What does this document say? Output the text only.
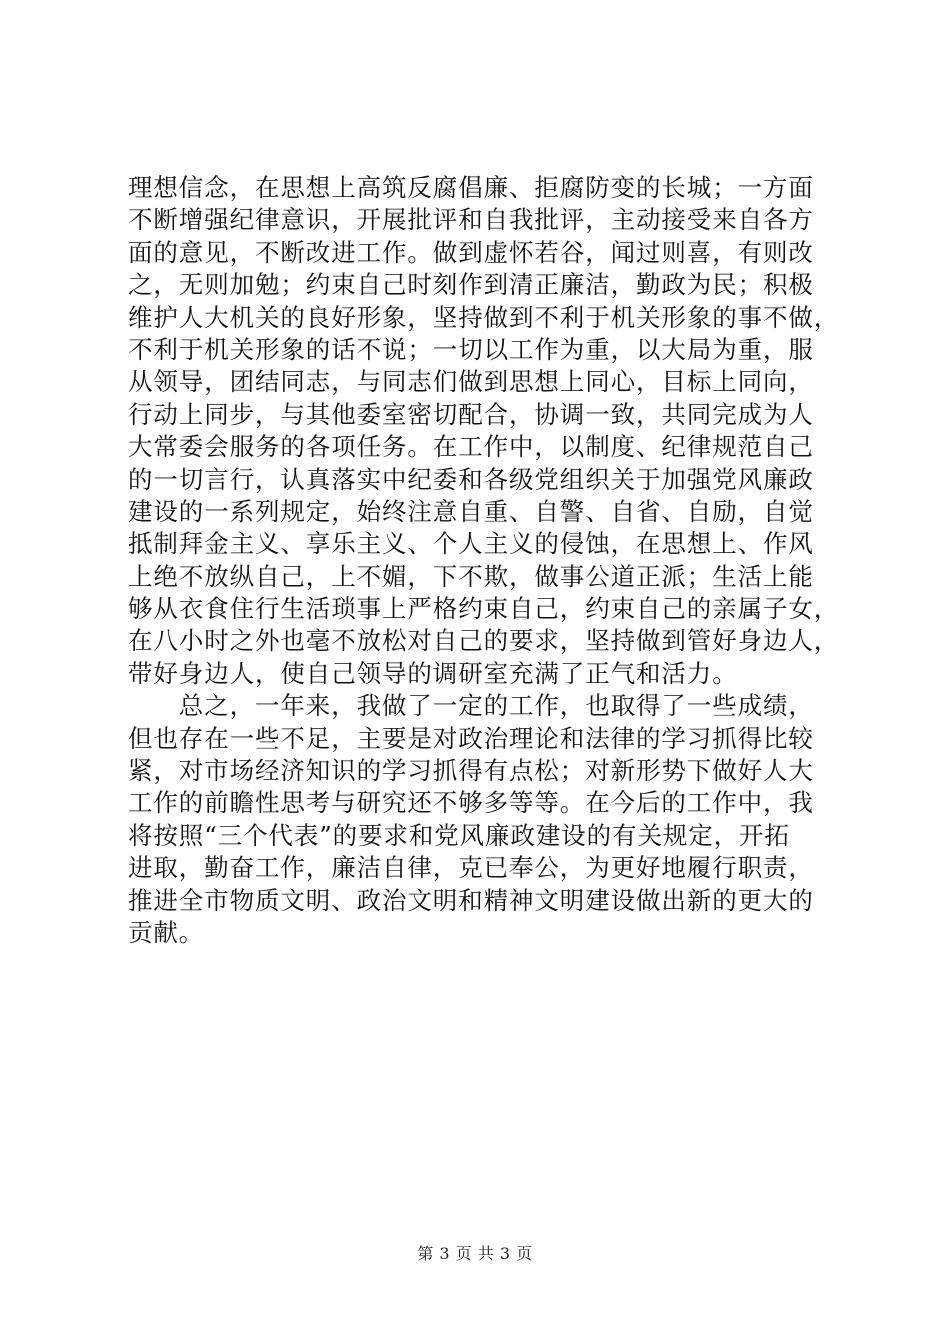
理想信念，在思想上高筑反腐倡廉、拒腐防变的长城；一方面
不断增强纪律意识，开展批评和自我批评，主动接受来自各方
面的意见，不断改进工作。做到虚怀若谷，闻过则喜，有则改
之，无则加勉；约束自己时刻作到清正廉洁，勤政为民；积极
维护人大机关的良好形象，坚持做到不利于机关形象的事不做，
不利于机关形象的话不说；一切以工作为重，以大局为重，服
从领导，团结同志，与同志们做到思想上同心，目标上同向，
行动上同步，与其他委室密切配合，协调一致，共同完成为人
大常委会服务的各项任务。在工作中，以制度、纪律规范自己
的一切言行，认真落实中纪委和各级党组织关于加强党风廉政
建设的一系列规定，始终注意自重、自警、自省、自励，自觉
抵制拜金主义、享乐主义、个人主义的侵蚀，在思想上、作风
上绝不放纵自己，上不媚，下不欺，做事公道正派；生活上能
够从衣食住行生活琐事上严格约束自己，约束自己的亲属子女，
在八小时之外也毫不放松对自己的要求，坚持做到管好身边人，
带好身边人，使自己领导的调研室充满了正气和活力。
　　总之，一年来，我做了一定的工作，也取得了一些成绩，
但也存在一些不足，主要是对政治理论和法律的学习抓得比较
紧，对市场经济知识的学习抓得有点松；对新形势下做好人大
工作的前瞻性思考与研究还不够多等等。在今后的工作中，我
将按照“三个代表”的要求和党风廉政建设的有关规定，开拓
进取，勤奋工作，廉洁自律，克已奉公，为更好地履行职责，
推进全市物质文明、政治文明和精神文明建设做出新的更大的
贡献。
第 3 页 共 3 页
